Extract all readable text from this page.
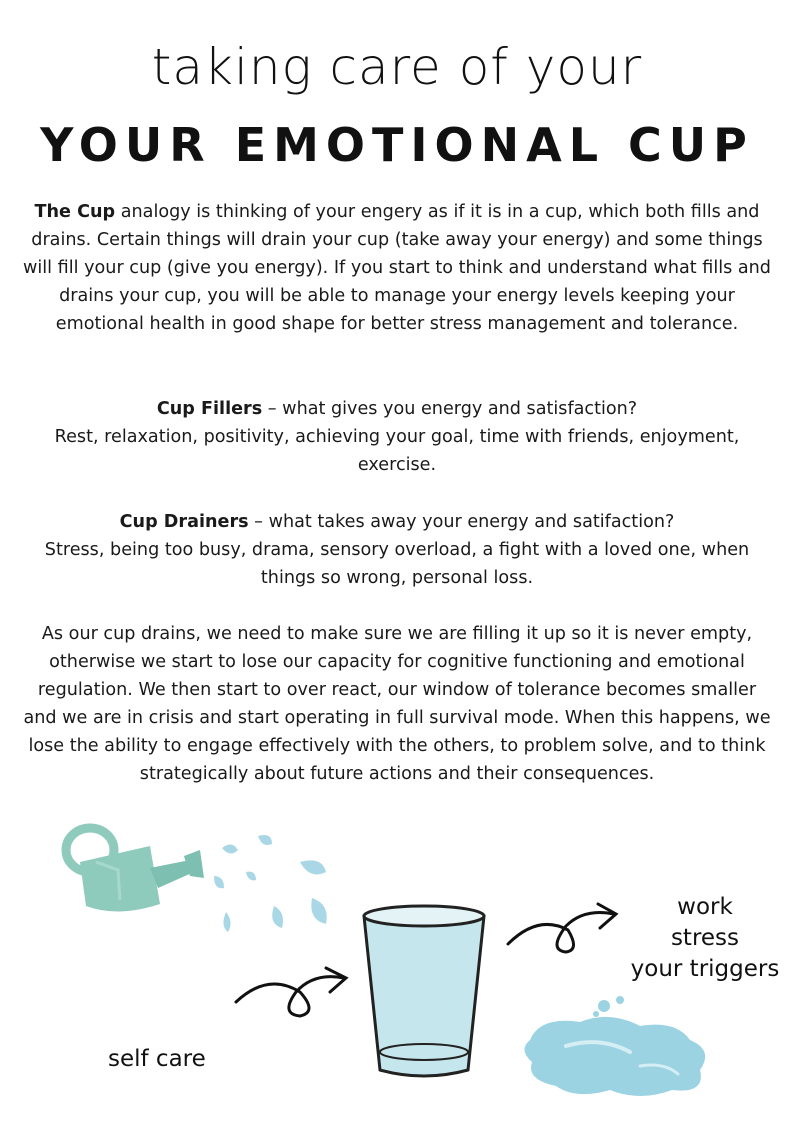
taking care of your
YOUR EMOTIONAL CUP

The Cup analogy is thinking of your engery as if it is in a cup, which both fills and drains. Certain things will drain your cup (take away your energy) and some things will fill your cup (give you energy). If you start to think and understand what fills and drains your cup, you will be able to manage your energy levels keeping your emotional health in good shape for better stress management and tolerance.

Cup Fillers – what gives you energy and satisfaction?

Rest, relaxation, positivity, achieving your goal, time with friends, enjoyment, exercise.

Cup Drainers – what takes away your energy and satifaction?

Stress, being too busy, drama, sensory overload, a fight with a loved one, when things so wrong, personal loss.

As our cup drains, we need to make sure we are filling it up so it is never empty, otherwise we start to lose our capacity for cognitive functioning and emotional regulation. We then start to over react, our window of tolerance becomes smaller and we are in crisis and start operating in full survival mode. When this happens, we lose the ability to engage effectively with the others, to problem solve, and to think strategically about future actions and their consequences.

work
stress
your triggers
self care
